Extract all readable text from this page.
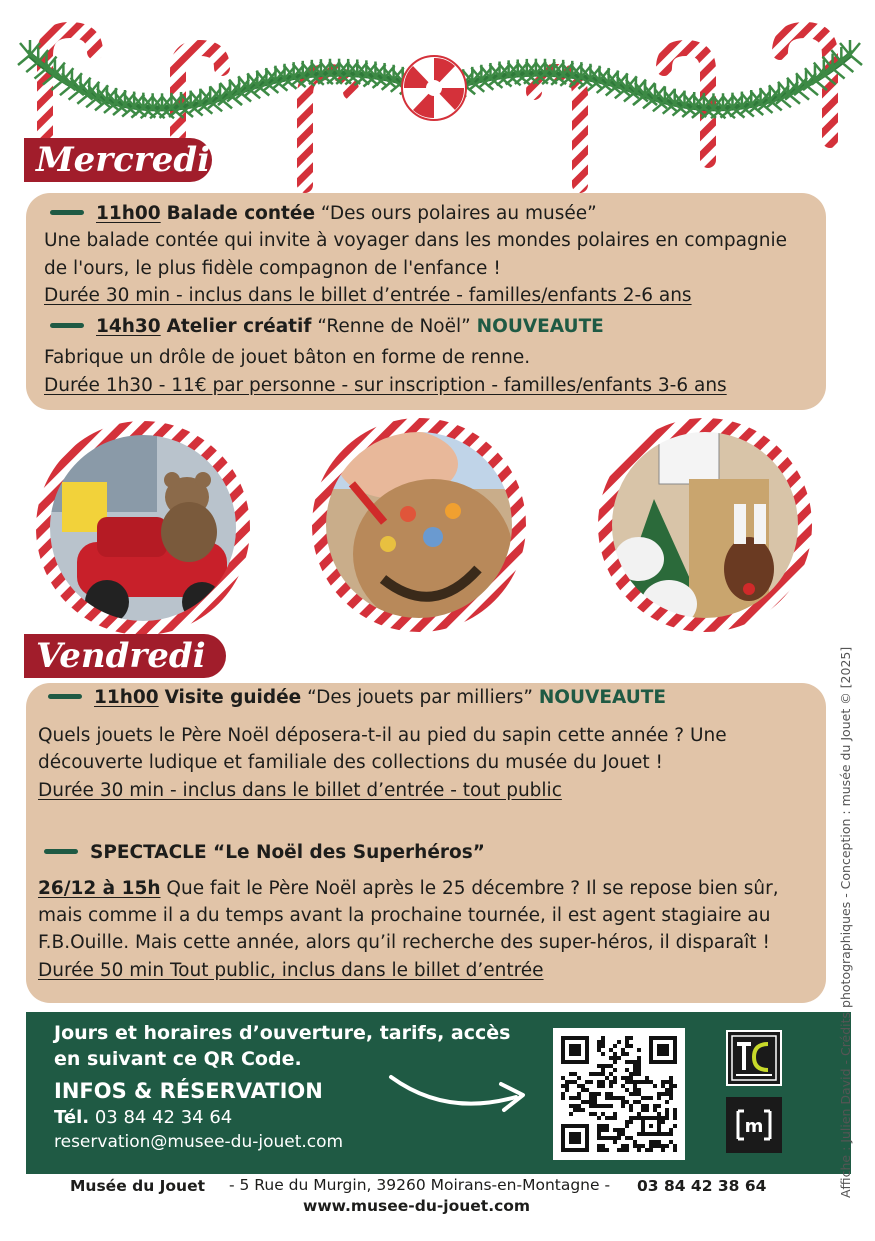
Mercredi
11h00 Balade contée “Des ours polaires au musée”
Une balade contée qui invite à voyager dans les mondes polaires en compagnie
de l'ours, le plus fidèle compagnon de l'enfance !
Durée 30 min - inclus dans le billet d’entrée - familles/enfants 2-6 ans
14h30 Atelier créatif “Renne de Noël” NOUVEAUTE
Fabrique un drôle de jouet bâton en forme de renne.
Durée 1h30 - 11€ par personne - sur inscription - familles/enfants 3-6 ans
Vendredi
11h00 Visite guidée “Des jouets par milliers” NOUVEAUTE
Quels jouets le Père Noël déposera-t-il au pied du sapin cette année ? Une
découverte ludique et familiale des collections du musée du Jouet !
Durée 30 min - inclus dans le billet d’entrée - tout public
SPECTACLE “Le Noël des Superhéros”
26/12 à 15h Que fait le Père Noël après le 25 décembre ? Il se repose bien sûr,
mais comme il a du temps avant la prochaine tournée, il est agent stagiaire au
F.B.Ouille. Mais cette année, alors qu’il recherche des super-héros, il disparaît !
Durée 50 min Tout public, inclus dans le billet d’entrée
Jours et horaires d’ouverture, tarifs, accès
en suivant ce QR Code.
INFOS & RÉSERVATION
Tél. 03 84 42 34 64
reservation@musee-du-jouet.com
m
Musée du Jouet - 5 Rue du Murgin, 39260 Moirans-en-Montagne - 03 84 42 38 64
www.musee-du-jouet.com
Affiche : Julien David - Crédits photographiques - Conception : musée du Jouet © [2025]
